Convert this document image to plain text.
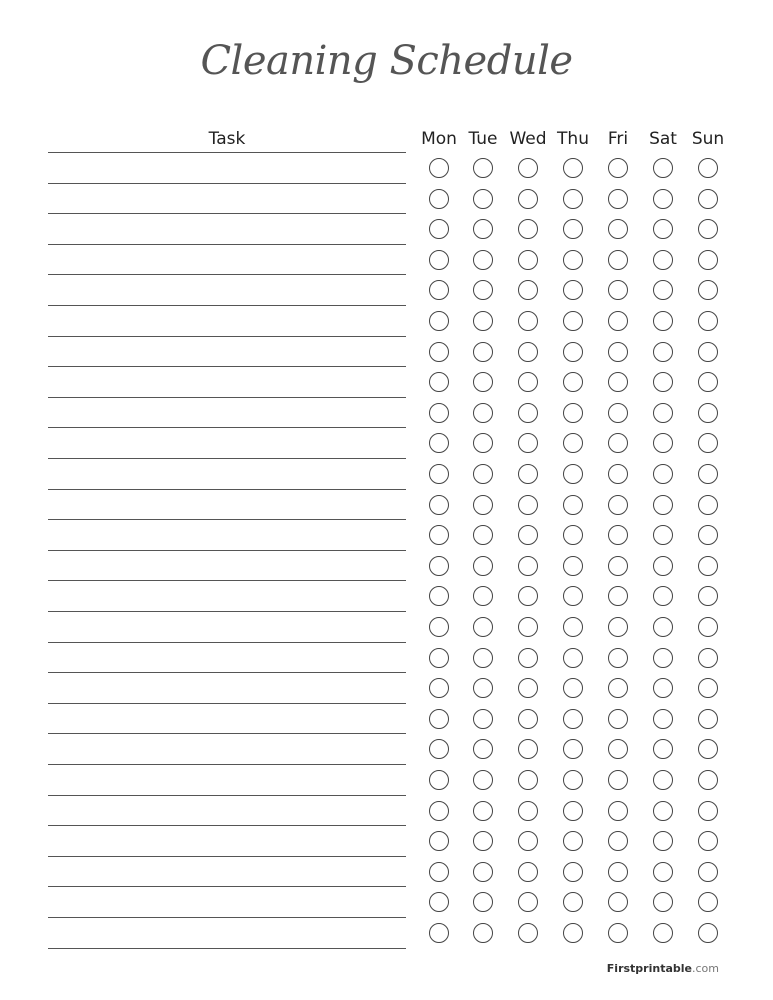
Cleaning Schedule
Task	Mon Tue Wed Thu	Fri	Sat Sun
Firstprintable.com
